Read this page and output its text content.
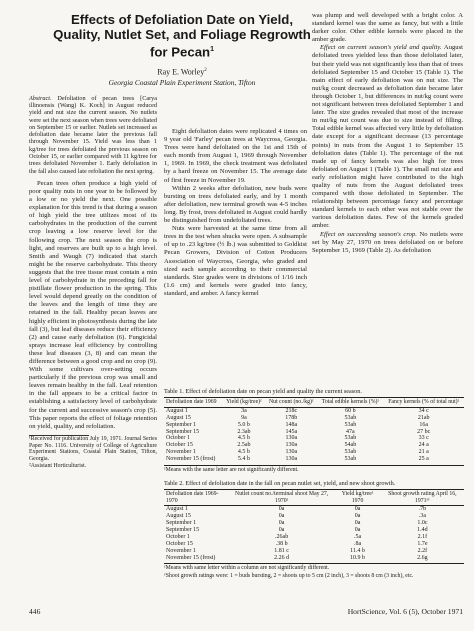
Effects of Defoliation Date on Yield, Quality, Nutlet Set, and Foliage Regrowth for Pecan$^1$
Ray E. Worley$^2$
Georgia Coastal Plain Experiment Station, Tifton

Abstract. Defoliation of pecan trees [Carya illinoensis (Wang) K. Koch] in August reduced yield and nut size the current season. No nutlets were set the next season when trees were defoliated on September 15 or earlier. Nutlets set increased as defoliation date became later the previous fall through November 15. Yield was less than 1 kg/tree for trees defoliated the previous season on October 15, or earlier compared with 11 kg/tree for trees defoliated November 1. Early defoliation in the fall also caused late refoliation the next spring.

Pecan trees often produce a high yield of poor quality nuts in one year to be followed by a low or no yield the next. One possible explanation for this trend is that during a season of high yield the tree utilizes most of its carbohydrates in the production of the current crop leaving a low reserve level for the following crop. The next season the crop is light, and reserves are built up to a high level. Smith and Waugh (7) indicated that starch might be the reserve carbohydrate. This theory suggests that the tree tissue must contain a min level of carbohydrate in the preceding fall for pistillate flower production in the spring. This level would depend greatly on the condition of the leaves and the length of time they are retained in the fall. Healthy pecan leaves are highly efficient in photosynthesis during the late fall (3), but leaf diseases reduce their efficiency (2) and cause early defoliation (6). Fungicidal sprays increase leaf efficiency by controlling these leaf diseases (3, 8) and can mean the difference between a good crop and no crop (9). With some cultivars over-setting occurs particularly if the previous crop was small and leaves remain healthy in the fall. Leaf retention in the fall appears to be a critical factor in establishing a satisfactory level of carbohydrate for the current and successive season's crop (5). This paper reports the effect of foliage retention on yield, quality, and refoliation.

¹Received for publication July 19, 1971. Journal Series Paper No. 1116. University of College of Agriculture Experiment Stations, Coastal Plain Station, Tifton, Georgia.

²Assistant Horticulturist.

Eight defoliation dates were replicated 4 times on 9 year old 'Farley' pecan trees at Waycross, Georgia. Trees were hand defoliated on the 1st and 15th of each month from August 1, 1969 through November 1, 1969. In 1969, the check treatment was defoliated by a hard freeze on November 15. The average date of first freeze in November 19.

Within 2 weeks after defoliation, new buds were bursting on trees defoliated early, and by 1 month after defoliation, new terminal growth was 4-5 inches long. By frost, trees defoliated in August could hardly be distinguished from undefoliated trees.

Nuts were harvested at the same time from all trees in the test when shucks were open. A subsample of up to .23 kg/tree (½ lb.) was submitted to Goldkist Pecan Growers, Division of Cotton Producers Association of Waycross, Georgia, who graded and sized each sample according to their commercial standards. Size grades were in divisions of 1/16 inch (1.6 cm) and kernels were graded into fancy, standard, and amber. A fancy kernel

was plump and well developed with a bright color. A standard kernel was the same as fancy, but with a little darker color. Other edible kernels were placed in the amber grade.

Effect on current season's yield and quality. August defoliated trees yielded less than those defoliated later, but their yield was not significantly less than that of trees defoliated September 15 and October 15 (Table 1). The main effect of early defoliation was on nut size. The nut/kg count decreased as defoliation date became later through October 1, but differences in nut/kg count were not significant between trees defoliated September 1 and later. The size grades revealed that most of the increase in nut/kg nut count was due to size instead of filling. Total edible kernel was affected very little by defoliation date except for a significant decrease (13 percentage points) in nuts from the August 1 to September 15 defoliation dates (Table 1). The percentage of the nut made up of fancy kernels was also high for trees defoliated on August 1 (Table 1). The small nut size and early refoliation might have contributed to the high quality of nuts from the August defoliated trees compared with those defoliated in September. The relationship between percentage fancy and percentage standard kernels to each other was not stable over the various defoliation dates. Few of the kernels graded amber.

Effect on succeeding season's crop. No nutlets were set by May 27, 1970 on trees defoliated on or before September 15, 1969 (Table 2). As defoliation

Table 1. Effect of defoliation date on pecan yield and quality the current season.
Defoliation date 1969	Yield (kg/tree)ᶻ	Nut count (no./kg)ᶻ	Total edible kernels (%)ᶻ	Fancy kernels (% of total nut)ᶻ
August 1	3a	218c	60 b	34 c
August 15	9a	178b	53ab	21ab
September 1	5.0 b	148a	53ab	16a
September 15	2.3ab	145a	47a	27 bc
October 1	4.5 b	130a	53ab	33 c
October 15	2.5ab	130a	54ab	24 a
November 1	4.5 b	130a	53ab	21 a
November 15 (frost)	5.4 b	130a	53ab	25 a
ᶻMeans with the same letter are not significantly different.
Table 2. Effect of defoliation date in the fall on pecan nutlet set, yield, and new shoot growth.
Defoliation date 1969-1970	Nutlet count no./terminal shoot May 27, 1970ᶻ	Yield kg/treeᶻ 1970	Shoot growth rating April 16, 1971ᶻʸ
August 1	0a	0a	.7b
August 15	0a	0a	.3a
September 1	0a	0a	1.0c
September 15	0a	0a	1.4d
October 1	.26ab	.5a	2.1f
October 15	.38 b	.8a	1.7e
November 1	1.81 c	11.4 b	2.2f
November 15 (frost)	2.26 d	10.9 b	2.6g
ᶻMeans with same letter within a column are not significantly different.
ʸShoot growth ratings were: 1 = buds bursting, 2 = shoots up to 5 cm (2 inch), 3 = shoots 8 cm (3 inch), etc.
446	HortScience, Vol. 6 (5), October 1971
